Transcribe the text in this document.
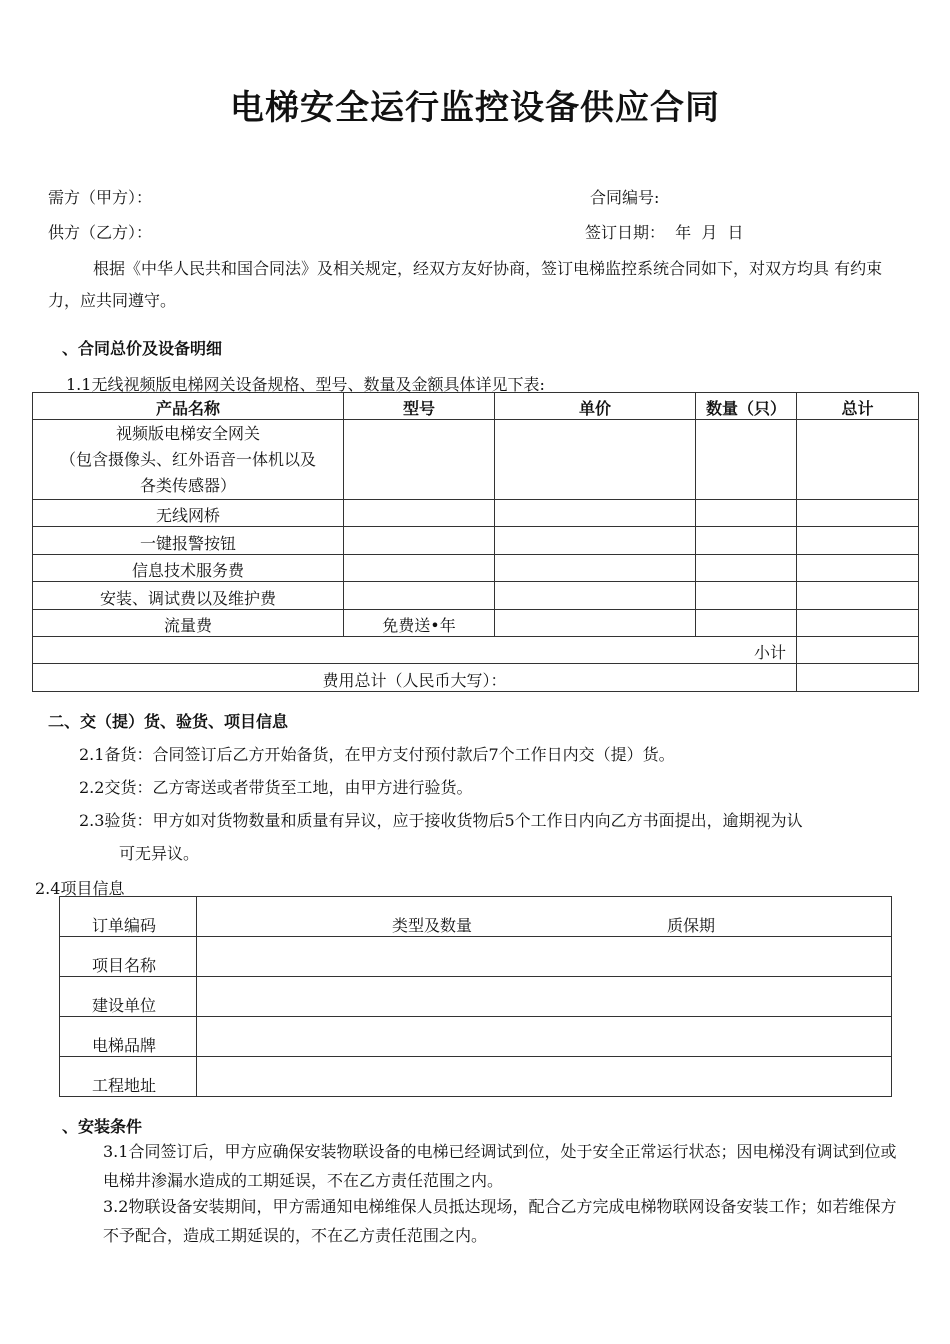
电梯安全运行监控设备供应合同
需方（甲方）：	合同编号:
供方（乙方）：	签订日期：  年  月  日
根据《中华人民共和国合同法》及相关规定，经双方友好协商，签订电梯监控系统合同如下，对双方均具 有约束力，应共同遵守。
、合同总价及设备明细
1.1无线视频版电梯网关设备规格、型号、数量及金额具体详见下表:
产品名称	型号	单价	数量（只）	总计

视频版电梯安全网关
（包含摄像头、红外语音一体机以及
各类传感器）				

无线网桥				
一键报警按钮				
信息技术服务费				
安装、调试费以及维护费				
流量费	免费送•年			
小计				
费用总计（人民币大写）：				
二、交（提）货、验货、项目信息
2.1备货：合同签订后乙方开始备货，在甲方支付预付款后7个工作日内交（提）货。
2.2交货：乙方寄送或者带货至工地，由甲方进行验货。
2.3验货：甲方如对货物数量和质量有异议，应于接收货物后5个工作日内向乙方书面提出，逾期视为认
可无异议。
2.4项目信息
订单编码	类型及数量	质保期
项目名称		
建设单位		
电梯品牌		
工程地址		
、安装条件
3.1合同签订后，甲方应确保安装物联设备的电梯已经调试到位，处于安全正常运行状态；因电梯没有调试到位或电梯井渗漏水造成的工期延误，不在乙方责任范围之内。
3.2物联设备安装期间，甲方需通知电梯维保人员抵达现场，配合乙方完成电梯物联网设备安装工作；如若维保方不予配合，造成工期延误的，不在乙方责任范围之内。
